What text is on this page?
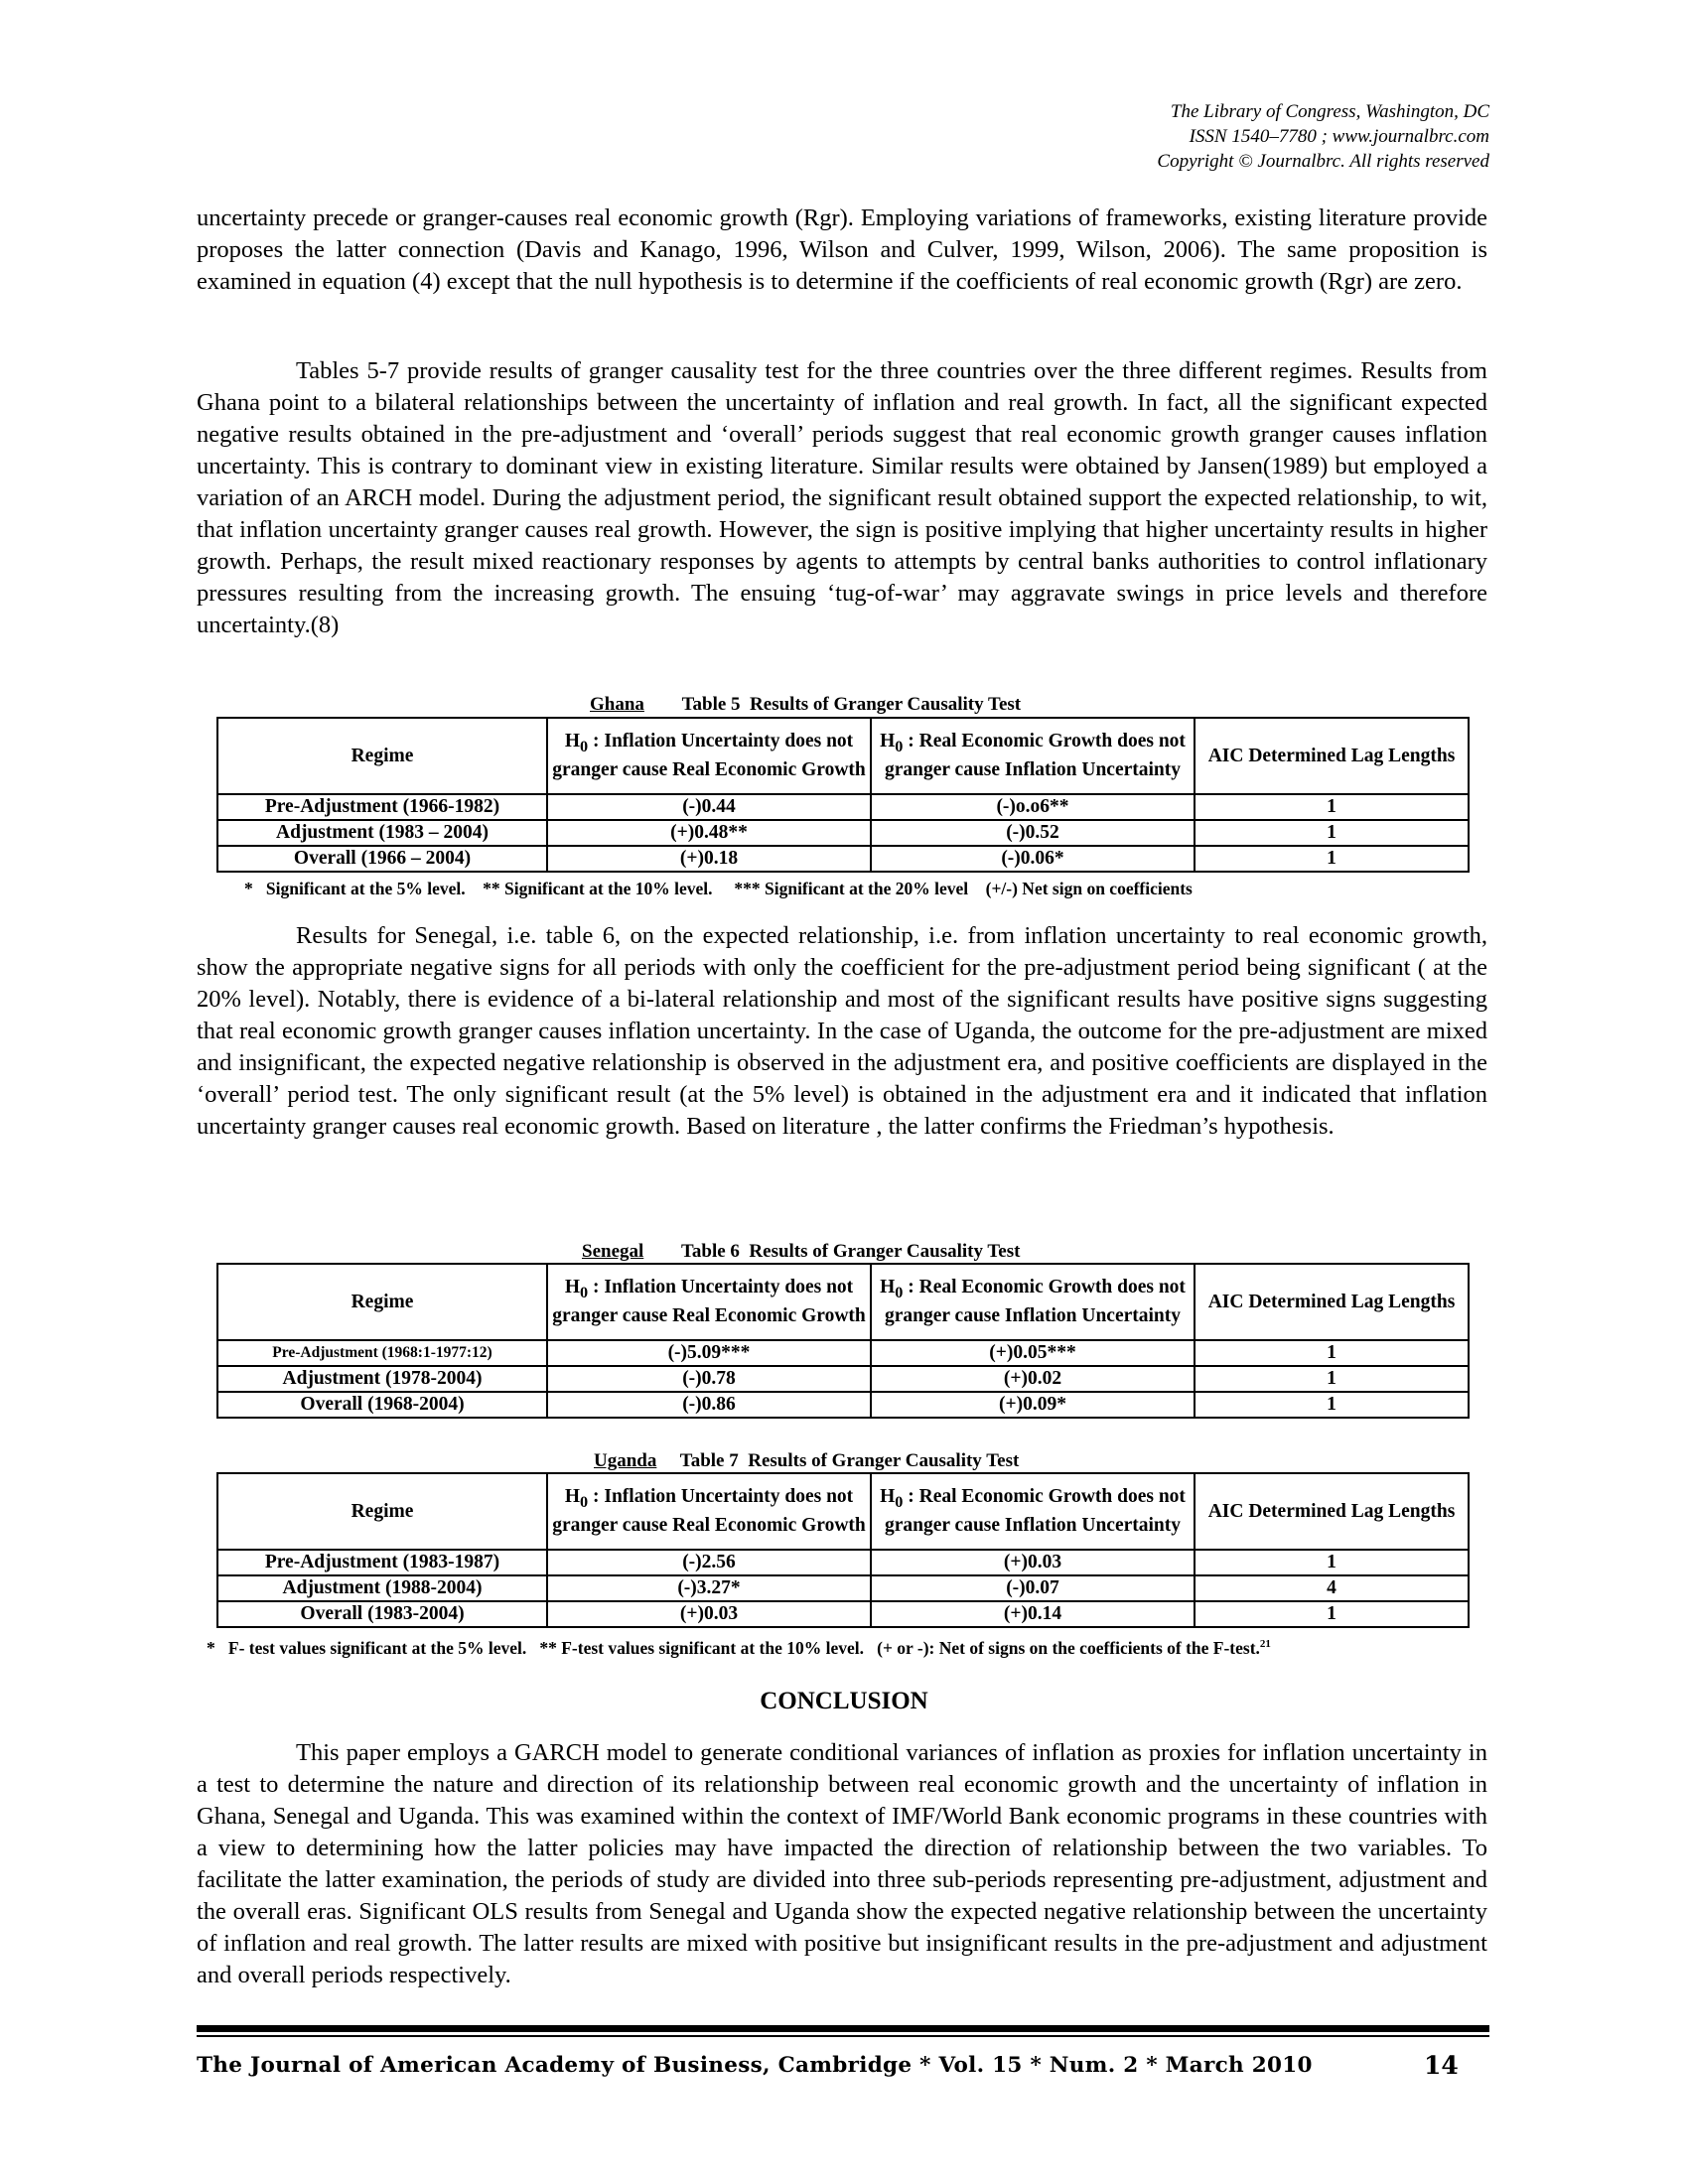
The Library of Congress, Washington, DC
ISSN 1540–7780 ; www.journalbrc.com
Copyright © Journalbrc. All rights reserved

uncertainty precede or granger-causes real economic growth (Rgr). Employing variations of frameworks, existing literature provide proposes the latter connection (Davis and Kanago, 1996, Wilson and Culver, 1999, Wilson, 2006). The same proposition is examined in equation (4) except that the null hypothesis is to determine if the coefficients of real economic growth (Rgr) are zero.

Tables 5-7 provide results of granger causality test for the three countries over the three different regimes. Results from Ghana point to a bilateral relationships between the uncertainty of inflation and real growth. In fact, all the significant expected negative results obtained in the pre-adjustment and ‘overall’ periods suggest that real economic growth granger causes inflation uncertainty. This is contrary to dominant view in existing literature. Similar results were obtained by Jansen(1989) but employed a variation of an ARCH model. During the adjustment period, the significant result obtained support the expected relationship, to wit, that inflation uncertainty granger causes real growth. However, the sign is positive implying that higher uncertainty results in higher growth. Perhaps, the result mixed reactionary responses by agents to attempts by central banks authorities to control inflationary pressures resulting from the increasing growth. The ensuing ‘tug-of-war’ may aggravate swings in price levels and therefore uncertainty.(8)

Ghana Table 5  Results of Granger Causality Test
Regime	$H_0$ : Inflation Uncertainty does not granger cause Real Economic Growth	$H_0$ : Real Economic Growth does not granger cause Inflation Uncertainty	AIC Determined Lag Lengths
Pre-Adjustment (1966-1982)	(-)0.44	(-)o.o6**	1
Adjustment (1983 – 2004)	(+)0.48**	(-)0.52	1
Overall (1966 – 2004)	(+)0.18	(-)0.06*	1
*   Significant at the 5% level.    ** Significant at the 10% level.     *** Significant at the 20% level    (+/-) Net sign on coefficients

Results for Senegal, i.e. table 6, on the expected relationship, i.e. from inflation uncertainty to real economic growth, show the appropriate negative signs for all periods with only the coefficient for the pre-adjustment period being significant ( at the 20% level). Notably, there is evidence of a bi-lateral relationship and most of the significant results have positive signs suggesting that real economic growth granger causes inflation uncertainty. In the case of Uganda, the outcome for the pre-adjustment are mixed and insignificant, the expected negative relationship is observed in the adjustment era, and positive coefficients are displayed in the ‘overall’ period test. The only significant result (at the 5% level) is obtained in the adjustment era and it indicated that inflation uncertainty granger causes real economic growth. Based on literature , the latter confirms the Friedman’s hypothesis.

Senegal Table 6  Results of Granger Causality Test
Regime	$H_0$ : Inflation Uncertainty does not granger cause Real Economic Growth	$H_0$ : Real Economic Growth does not granger cause Inflation Uncertainty	AIC Determined Lag Lengths
Pre-Adjustment (1968:1-1977:12)	(-)5.09***	(+)0.05***	1
Adjustment (1978-2004)	(-)0.78	(+)0.02	1
Overall (1968-2004)	(-)0.86	(+)0.09*	1
Uganda Table 7  Results of Granger Causality Test
Regime	$H_0$ : Inflation Uncertainty does not granger cause Real Economic Growth	$H_0$ : Real Economic Growth does not granger cause Inflation Uncertainty	AIC Determined Lag Lengths
Pre-Adjustment (1983-1987)	(-)2.56	(+)0.03	1
Adjustment (1988-2004)	(-)3.27*	(-)0.07	4
Overall (1983-2004)	(+)0.03	(+)0.14	1
*   F- test values significant at the 5% level.   ** F-test values significant at the 10% level.   (+ or -): Net of signs on the coefficients of the F-test.$^{21}$
CONCLUSION

This paper employs a GARCH model to generate conditional variances of inflation as proxies for inflation uncertainty in a test to determine the nature and direction of its relationship between real economic growth and the uncertainty of inflation in Ghana, Senegal and Uganda. This was examined within the context of IMF/World Bank economic programs in these countries with a view to determining how the latter policies may have impacted the direction of relationship between the two variables. To facilitate the latter examination, the periods of study are divided into three sub-periods representing pre-adjustment, adjustment and the overall eras. Significant OLS results from Senegal and Uganda show the expected negative relationship between the uncertainty of inflation and real growth. The latter results are mixed with positive but insignificant results in the pre-adjustment and adjustment and overall periods respectively.

The Journal of American Academy of Business, Cambridge * Vol. 15 * Num. 2 * March 2010	14
